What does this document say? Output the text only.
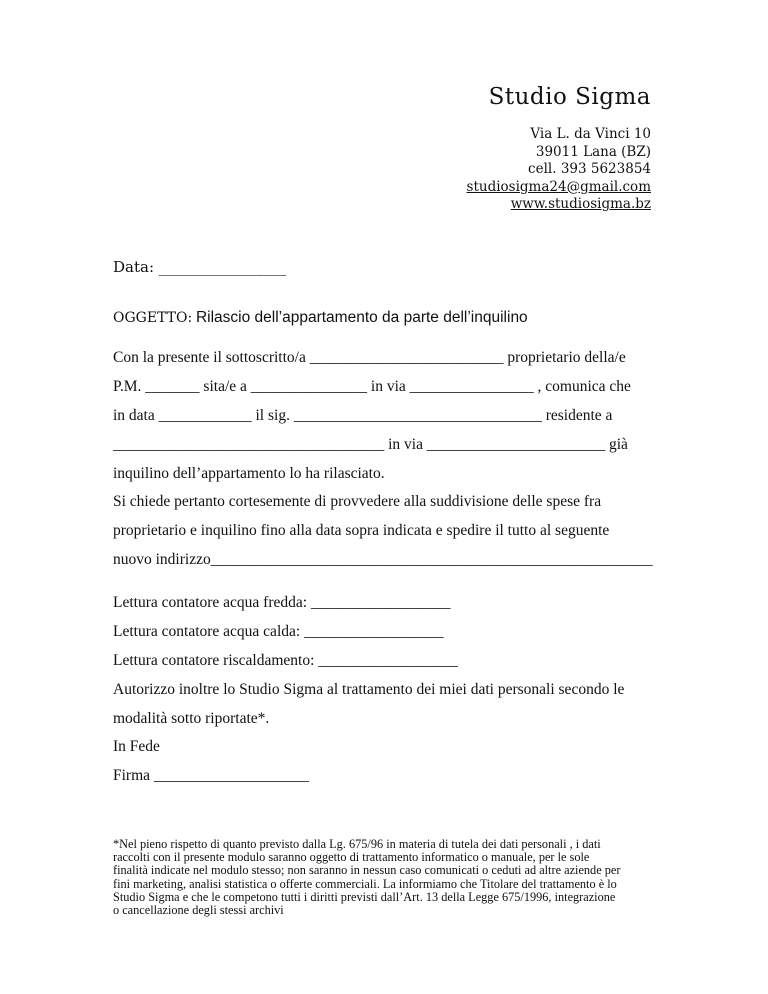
Studio Sigma
Via L. da Vinci 10
39011 Lana (BZ)
cell. 393 5623854
studiosigma24@gmail.com
www.studiosigma.bz
Data: _________________
OGGETTO: Rilascio dell’appartamento da parte dell’inquilino

Con la presente il sottoscritto/a _________________________ proprietario della/e

P.M. _______ sita/e a _______________ in via ________________ , comunica che

in data ____________ il sig. ________________________________ residente a

___________________________________ in via _______________________ già

inquilino dell’appartamento lo ha rilasciato.

Si chiede pertanto cortesemente di provvedere alla suddivisione delle spese fra

proprietario e inquilino fino alla data sopra indicata e spedire il tutto al seguente

nuovo indirizzo_________________________________________________________

Lettura contatore acqua fredda: __________________

Lettura contatore acqua calda: __________________

Lettura contatore riscaldamento: __________________

Autorizzo inoltre lo Studio Sigma al trattamento dei miei dati personali secondo le

modalità sotto riportate*.

In Fede

Firma ____________________

*Nel pieno rispetto di quanto previsto dalla Lg. 675/96 in materia di tutela dei dati personali , i dati
raccolti con il presente modulo saranno oggetto di trattamento informatico o manuale, per le sole
finalità indicate nel modulo stesso; non saranno in nessun caso comunicati o ceduti ad altre aziende per
fini marketing, analisi statistica o offerte commerciali. La informiamo che Titolare del trattamento è lo
Studio Sigma e che le competono tutti i diritti previsti dall’Art. 13 della Legge 675/1996, integrazione
o cancellazione degli stessi archivi
